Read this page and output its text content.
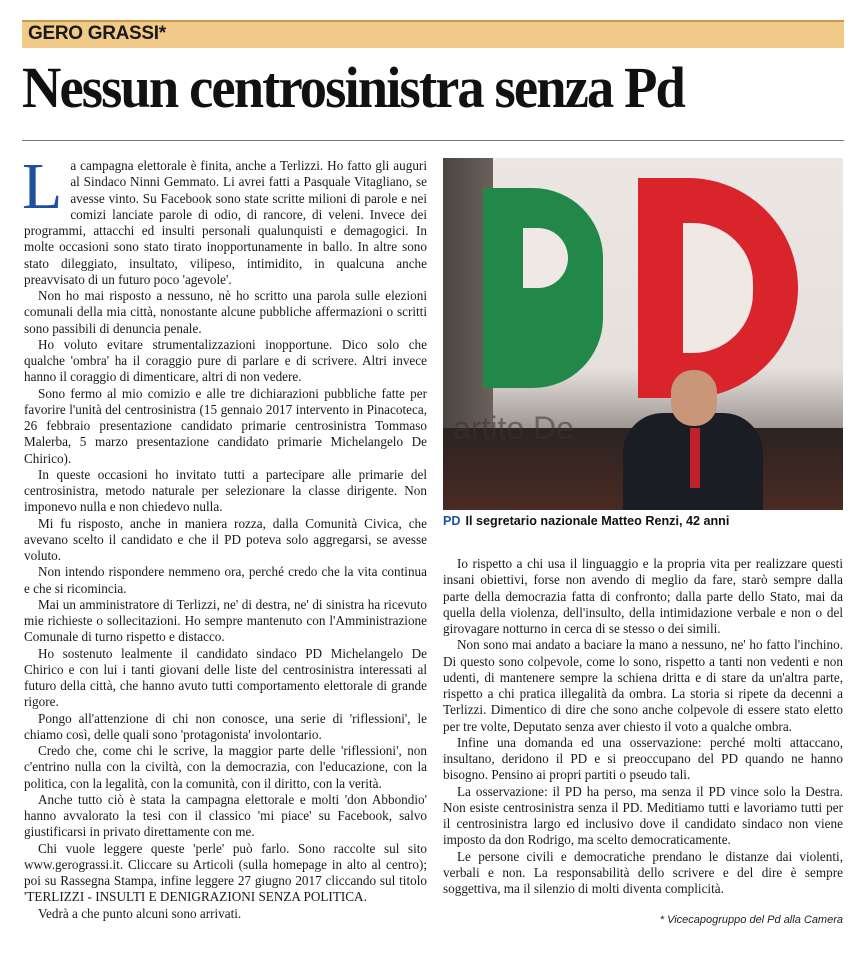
GERO GRASSI*
Nessun centrosinistra senza Pd

La campagna elettorale è finita, anche a Terlizzi. Ho fatto gli auguri al Sindaco Ninni Gemmato. Li avrei fatti a Pasquale Vitagliano, se avesse vinto. Su Facebook sono state scritte milioni di parole e nei comizi lanciate parole di odio, di rancore, di veleni. Invece dei programmi, attacchi ed insulti personali qualunquisti e demagogici. In molte occasioni sono stato tirato inopportunamente in ballo. In altre sono stato dileggiato, insultato, vilipeso, intimidito, in qualcuna anche preavvisato di un futuro poco 'agevole'.

Non ho mai risposto a nessuno, nè ho scritto una parola sulle elezioni comunali della mia città, nonostante alcune pubbliche affermazioni o scritti sono passibili di denuncia penale.

Ho voluto evitare strumentalizzazioni inopportune. Dico solo che qualche 'ombra' ha il coraggio pure di parlare e di scrivere. Altri invece hanno il coraggio di dimenticare, altri di non vedere.

Sono fermo al mio comizio e alle tre dichiarazioni pubbliche fatte per favorire l'unità del centrosinistra (15 gennaio 2017 intervento in Pinacoteca, 26 febbraio presentazione candidato primarie centrosinistra Tommaso Malerba, 5 marzo presentazione candidato primarie Michelangelo De Chirico).

In queste occasioni ho invitato tutti a partecipare alle primarie del centrosinistra, metodo naturale per selezionare la classe dirigente. Non imponevo nulla e non chiedevo nulla.

Mi fu risposto, anche in maniera rozza, dalla Comunità Civica, che avevano scelto il candidato e che il PD poteva solo aggregarsi, se avesse voluto.

Non intendo rispondere nemmeno ora, perché credo che la vita continua e che si ricomincia.

Mai un amministratore di Terlizzi, ne' di destra, ne' di sinistra ha ricevuto mie richieste o sollecitazioni. Ho sempre mantenuto con l'Amministrazione Comunale di turno rispetto e distacco.

Ho sostenuto lealmente il candidato sindaco PD Michelangelo De Chirico e con lui i tanti giovani delle liste del centrosinistra interessati al futuro della città, che hanno avuto tutti comportamento elettorale di grande rigore.

Pongo all'attenzione di chi non conosce, una serie di 'riflessioni', le chiamo così, delle quali sono 'protagonista' involontario.

Credo che, come chi le scrive, la maggior parte delle 'riflessioni', non c'entrino nulla con la civiltà, con la democrazia, con l'educazione, con la politica, con la legalità, con la comunità, con il diritto, con la verità.

Anche tutto ciò è stata la campagna elettorale e molti 'don Abbondio' hanno avvalorato la tesi con il classico 'mi piace' su Facebook, salvo giustificarsi in privato direttamente con me.

Chi vuole leggere queste 'perle' può farlo. Sono raccolte sul sito www.gerograssi.it. Cliccare su Articoli (sulla homepage in alto al centro); poi su Rassegna Stampa, infine leggere 27 giugno 2017 cliccando sul titolo 'TERLIZZI - INSULTI E DENIGRAZIONI SENZA POLITICA.

Vedrà a che punto alcuni sono arrivati.

artito De
PD Il segretario nazionale Matteo Renzi, 42 anni

Io rispetto a chi usa il linguaggio e la propria vita per realizzare questi insani obiettivi, forse non avendo di meglio da fare, starò sempre dalla parte della democrazia fatta di confronto; dalla parte dello Stato, mai da quella della violenza, dell'insulto, della intimidazione verbale e non o del girovagare notturno in cerca di se stesso o dei simili.

Non sono mai andato a baciare la mano a nessuno, ne' ho fatto l'inchino. Di questo sono colpevole, come lo sono, rispetto a tanti non vedenti e non udenti, di mantenere sempre la schiena dritta e di stare da un'altra parte, rispetto a chi pratica illegalità da ombra. La storia si ripete da decenni a Terlizzi. Dimentico di dire che sono anche colpevole di essere stato eletto per tre volte, Deputato senza aver chiesto il voto a qualche ombra.

Infine una domanda ed una osservazione: perché molti attaccano, insultano, deridono il PD e si preoccupano del PD quando ne hanno bisogno. Pensino ai propri partiti o pseudo tali.

La osservazione: il PD ha perso, ma senza il PD vince solo la Destra. Non esiste centrosinistra senza il PD. Meditiamo tutti e lavoriamo tutti per il centrosinistra largo ed inclusivo dove il candidato sindaco non viene imposto da don Rodrigo, ma scelto democraticamente.

Le persone civili e democratiche prendano le distanze dai violenti, verbali e non. La responsabilità dello scrivere e del dire è sempre soggettiva, ma il silenzio di molti diventa complicità.

* Vicecapogruppo del Pd alla Camera
